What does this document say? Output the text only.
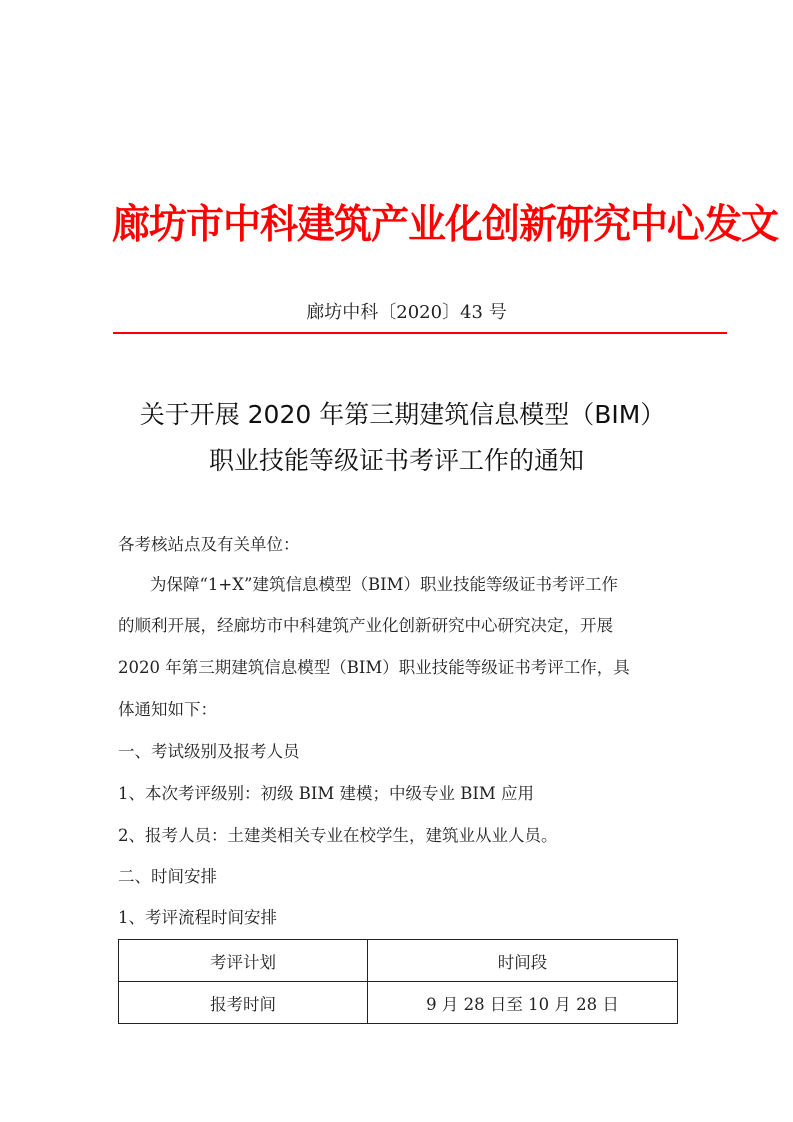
廊坊市中科建筑产业化创新研究中心发文
廊坊中科〔2020〕43 号
关于开展 2020 年第三期建筑信息模型（BIM）
职业技能等级证书考评工作的通知
各考核站点及有关单位：
为保障“1+X”建筑信息模型（BIM）职业技能等级证书考评工作
的顺利开展，经廊坊市中科建筑产业化创新研究中心研究决定，开展
2020 年第三期建筑信息模型（BIM）职业技能等级证书考评工作，具
体通知如下：
一、考试级别及报考人员
1、本次考评级别：初级 BIM 建模；中级专业 BIM 应用
2、报考人员：土建类相关专业在校学生，建筑业从业人员。
二、时间安排
1、考评流程时间安排
考评计划	时间段
报考时间	9 月 28 日至 10 月 28 日
